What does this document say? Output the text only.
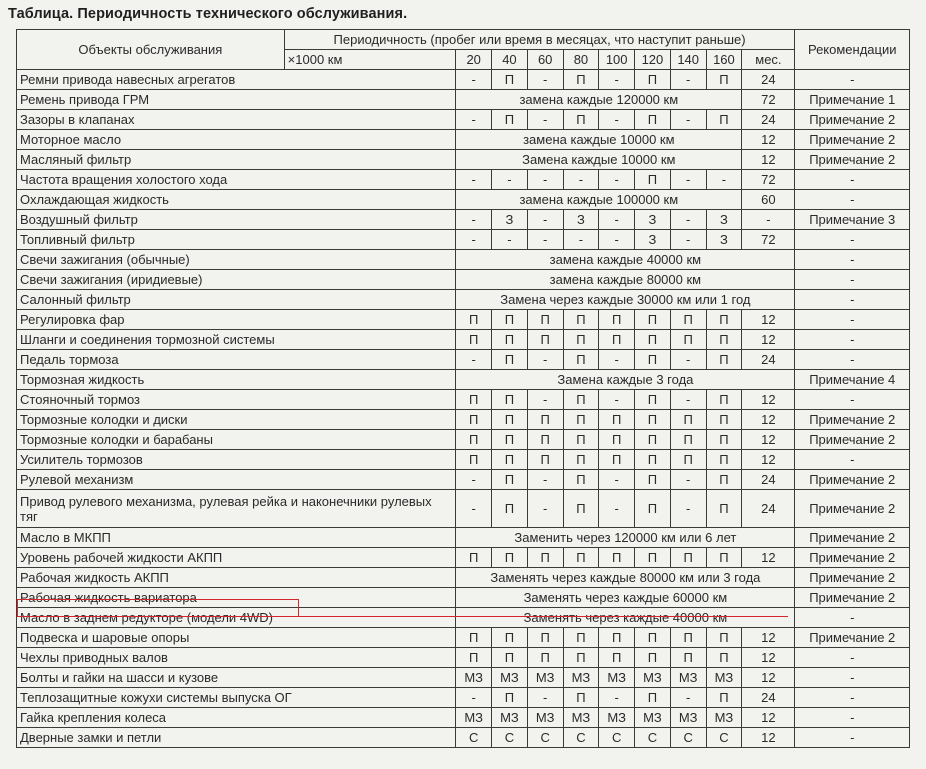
Таблица. Периодичность технического обслуживания.
Объекты обслуживания	Периодичность (пробег или время в месяцах, что наступит раньше)										Рекомендации
	×1000 км	20	40	60	80	100	120	140	160	мес.	
Ремни привода навесных агрегатов		-	П	-	П	-	П	-	П	24	-
Ремень привода ГРМ		замена каждые 120000 км								72	Примечание 1
Зазоры в клапанах		-	П	-	П	-	П	-	П	24	Примечание 2
Моторное масло		замена каждые 10000 км								12	Примечание 2
Масляный фильтр		Замена каждые 10000 км								12	Примечание 2
Частота вращения холостого хода		-	-	-	-	-	П	-	-	72	-
Охлаждающая жидкость		замена каждые 100000 км								60	-
Воздушный фильтр		-	З	-	З	-	З	-	З	-	Примечание 3
Топливный фильтр		-	-	-	-	-	З	-	З	72	-
Свечи зажигания (обычные)		замена каждые 40000 км									-
Свечи зажигания (иридиевые)		замена каждые 80000 км									-
Салонный фильтр		Замена через каждые 30000 км или 1 год									-
Регулировка фар		П	П	П	П	П	П	П	П	12	-
Шланги и соединения тормозной системы		П	П	П	П	П	П	П	П	12	-
Педаль тормоза		-	П	-	П	-	П	-	П	24	-
Тормозная жидкость		Замена каждые 3 года									Примечание 4
Стояночный тормоз		П	П	-	П	-	П	-	П	12	-
Тормозные колодки и диски		П	П	П	П	П	П	П	П	12	Примечание 2
Тормозные колодки и барабаны		П	П	П	П	П	П	П	П	12	Примечание 2
Усилитель тормозов		П	П	П	П	П	П	П	П	12	-
Рулевой механизм		-	П	-	П	-	П	-	П	24	Примечание 2
Привод рулевого механизма, рулевая рейка и наконечники рулевых тяг		-	П	-	П	-	П	-	П	24	Примечание 2
Масло в МКПП		Заменить через 120000 км или 6 лет									Примечание 2
Уровень рабочей жидкости АКПП		П	П	П	П	П	П	П	П	12	Примечание 2
Рабочая жидкость АКПП		Заменять через каждые 80000 км или 3 года									Примечание 2
Рабочая жидкость вариатора		Заменять через каждые 60000 км									Примечание 2
Масло в заднем редукторе (модели 4WD)		Заменять через каждые 40000 км									-
Подвеска и шаровые опоры		П	П	П	П	П	П	П	П	12	Примечание 2
Чехлы приводных валов		П	П	П	П	П	П	П	П	12	-
Болты и гайки на шасси и кузове		МЗ	МЗ	МЗ	МЗ	МЗ	МЗ	МЗ	МЗ	12	-
Теплозащитные кожухи системы выпуска ОГ		-	П	-	П	-	П	-	П	24	-
Гайка крепления колеса		МЗ	МЗ	МЗ	МЗ	МЗ	МЗ	МЗ	МЗ	12	-
Дверные замки и петли		С	С	С	С	С	С	С	С	12	-
